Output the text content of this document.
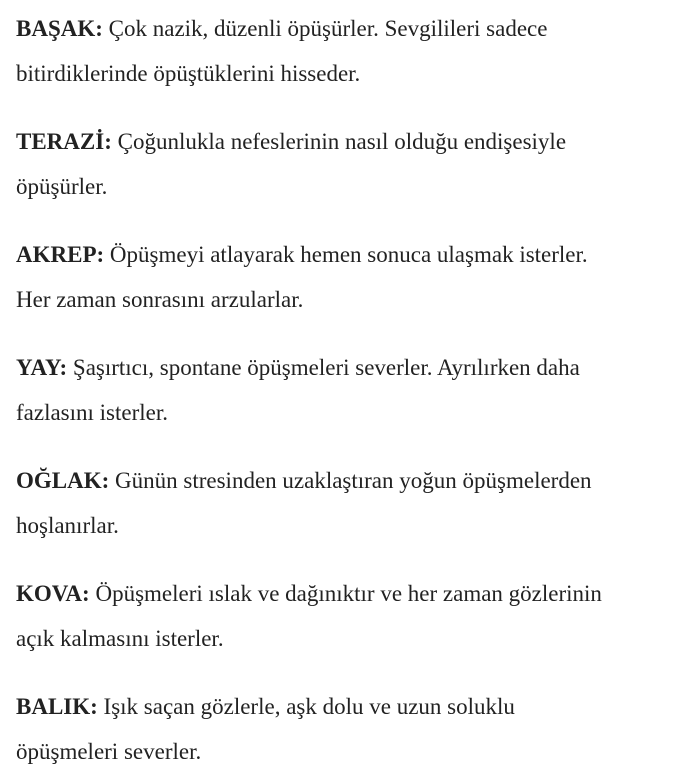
BAŞAK: Çok nazik, düzenli öpüşürler. Sevgilileri sadece
bitirdiklerinde öpüştüklerini hisseder.
TERAZİ: Çoğunlukla nefeslerinin nasıl olduğu endişesiyle
öpüşürler.
AKREP: Öpüşmeyi atlayarak hemen sonuca ulaşmak isterler.
Her zaman sonrasını arzularlar.
YAY: Şaşırtıcı, spontane öpüşmeleri severler. Ayrılırken daha
fazlasını isterler.
OĞLAK: Günün stresinden uzaklaştıran yoğun öpüşmelerden
hoşlanırlar.
KOVA: Öpüşmeleri ıslak ve dağınıktır ve her zaman gözlerinin
açık kalmasını isterler.
BALIK: Işık saçan gözlerle, aşk dolu ve uzun soluklu
öpüşmeleri severler.
